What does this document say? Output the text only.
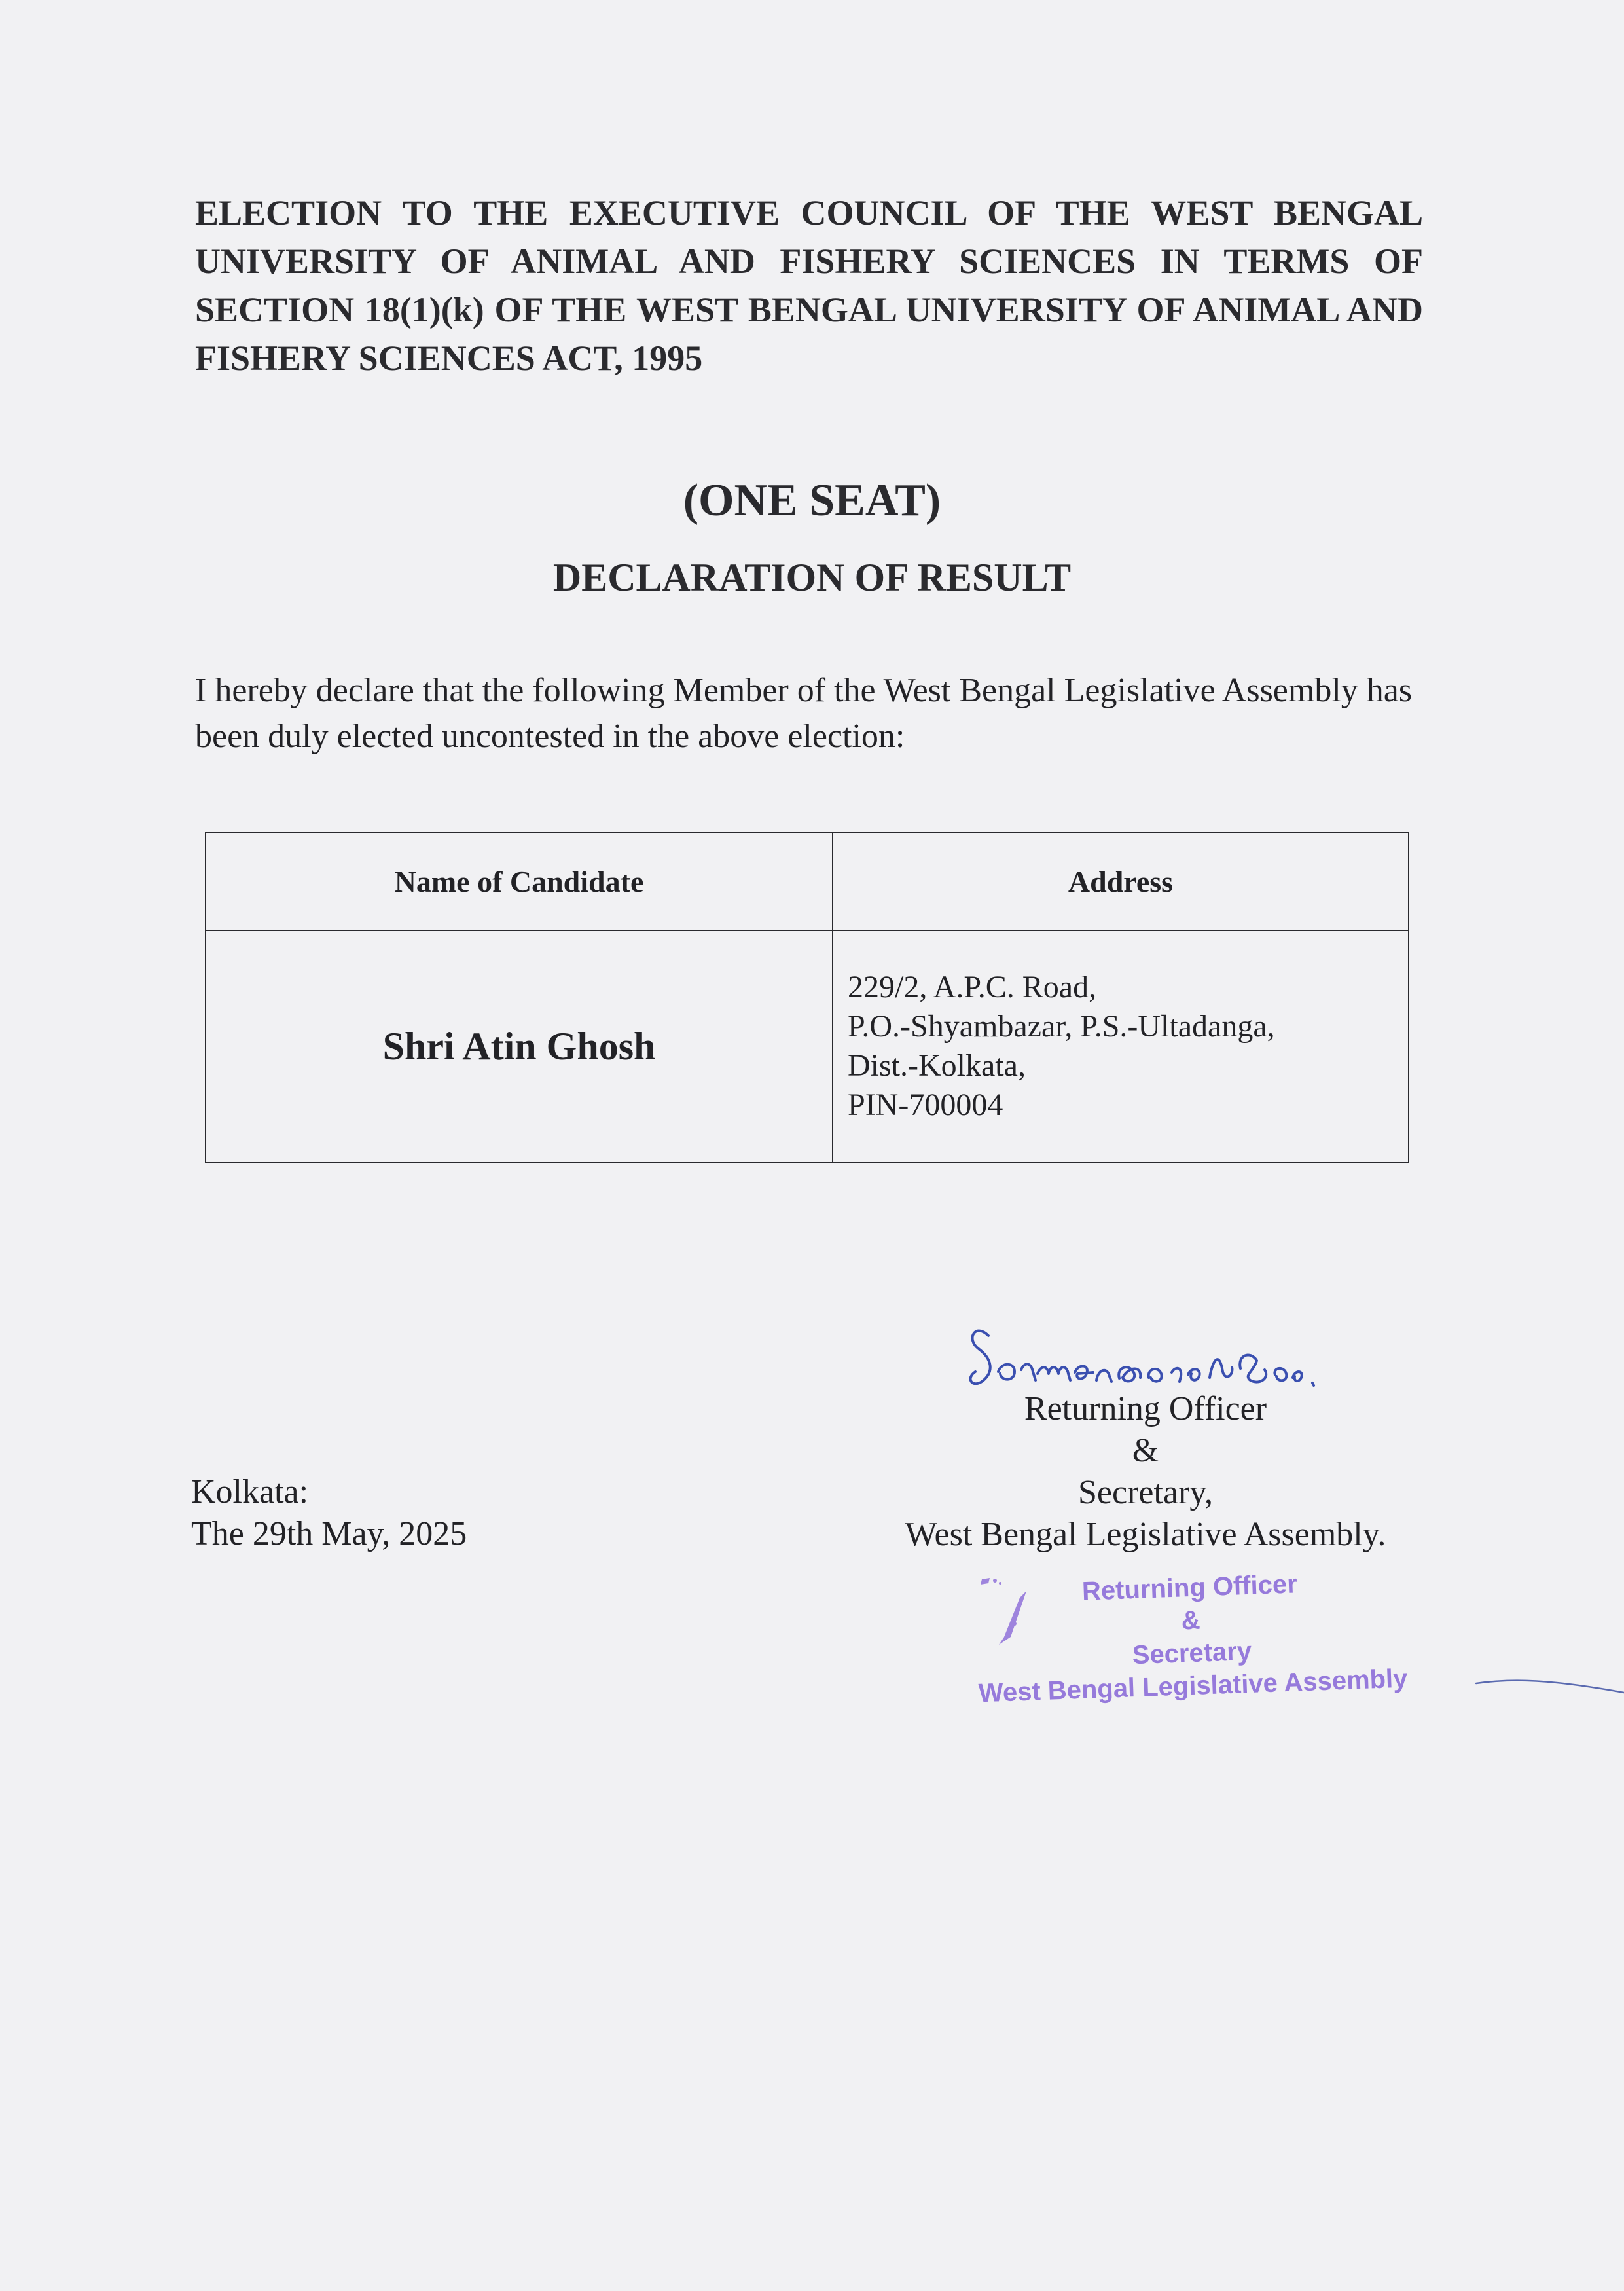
ELECTION TO THE EXECUTIVE COUNCIL OF THE WEST BENGAL UNIVERSITY OF ANIMAL AND FISHERY SCIENCES IN TERMS OF SECTION 18(1)(k) OF THE WEST BENGAL UNIVERSITY OF ANIMAL AND FISHERY SCIENCES ACT, 1995

(ONE SEAT)

DECLARATION OF RESULT

I hereby declare that the following Member of the West Bengal Legislative Assembly has been duly elected uncontested in the above election:

Name of Candidate	Address
Shri Atin Ghosh	229/2, A.P.C. Road,
P.O.-Shyambazar, P.S.-Ultadanga,
Dist.-Kolkata,
PIN-700004
Returning Officer
&
Secretary,
West Bengal Legislative Assembly.
Kolkata:
The 29th May, 2025
Returning Officer
&
Secretary
West Bengal Legislative Assembly
